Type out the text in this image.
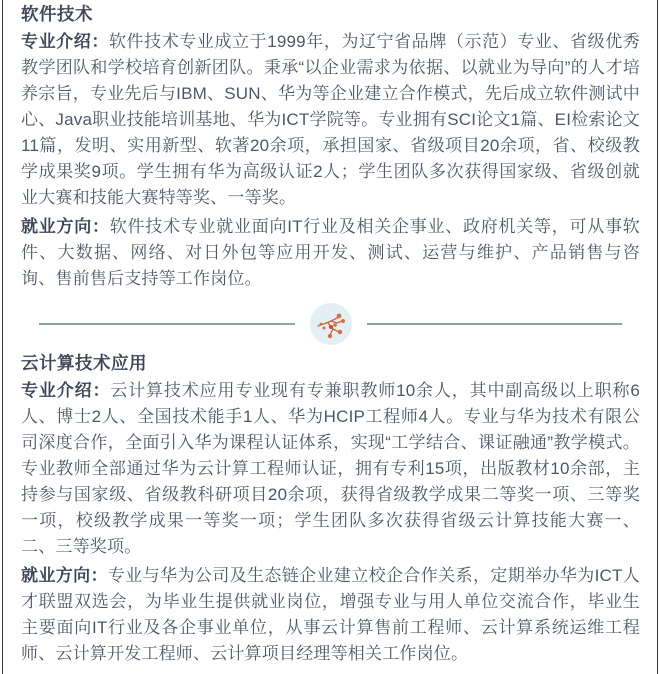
软件技术

专业介绍：软件技术专业成立于1999年，为辽宁省品牌（示范）专业、省级优秀教学团队和学校培育创新团队。秉承“以企业需求为依据、以就业为导向”的人才培养宗旨，专业先后与IBM、SUN、华为等企业建立合作模式，先后成立软件测试中心、Java职业技能培训基地、华为ICT学院等。专业拥有SCI论文1篇、EI检索论文11篇，发明、实用新型、软著20余项，承担国家、省级项目20余项，省、校级教学成果奖9项。学生拥有华为高级认证2人；学生团队多次获得国家级、省级创就业大赛和技能大赛特等奖、一等奖。

就业方向：软件技术专业就业面向IT行业及相关企事业、政府机关等，可从事软件、大数据、网络、对日外包等应用开发、测试、运营与维护、产品销售与咨询、售前售后支持等工作岗位。

云计算技术应用

专业介绍：云计算技术应用专业现有专兼职教师10余人，其中副高级以上职称6人、博士2人、全国技术能手1人、华为HCIP工程师4人。专业与华为技术有限公司深度合作，全面引入华为课程认证体系，实现“工学结合、课证融通”教学模式。专业教师全部通过华为云计算工程师认证，拥有专利15项，出版教材10余部，主持参与国家级、省级教科研项目20余项，获得省级教学成果二等奖一项、三等奖一项，校级教学成果一等奖一项；学生团队多次获得省级云计算技能大赛一、二、三等奖项。

就业方向：专业与华为公司及生态链企业建立校企合作关系，定期举办华为ICT人才联盟双选会，为毕业生提供就业岗位，增强专业与用人单位交流合作，毕业生主要面向IT行业及各企事业单位，从事云计算售前工程师、云计算系统运维工程师、云计算开发工程师、云计算项目经理等相关工作岗位。
